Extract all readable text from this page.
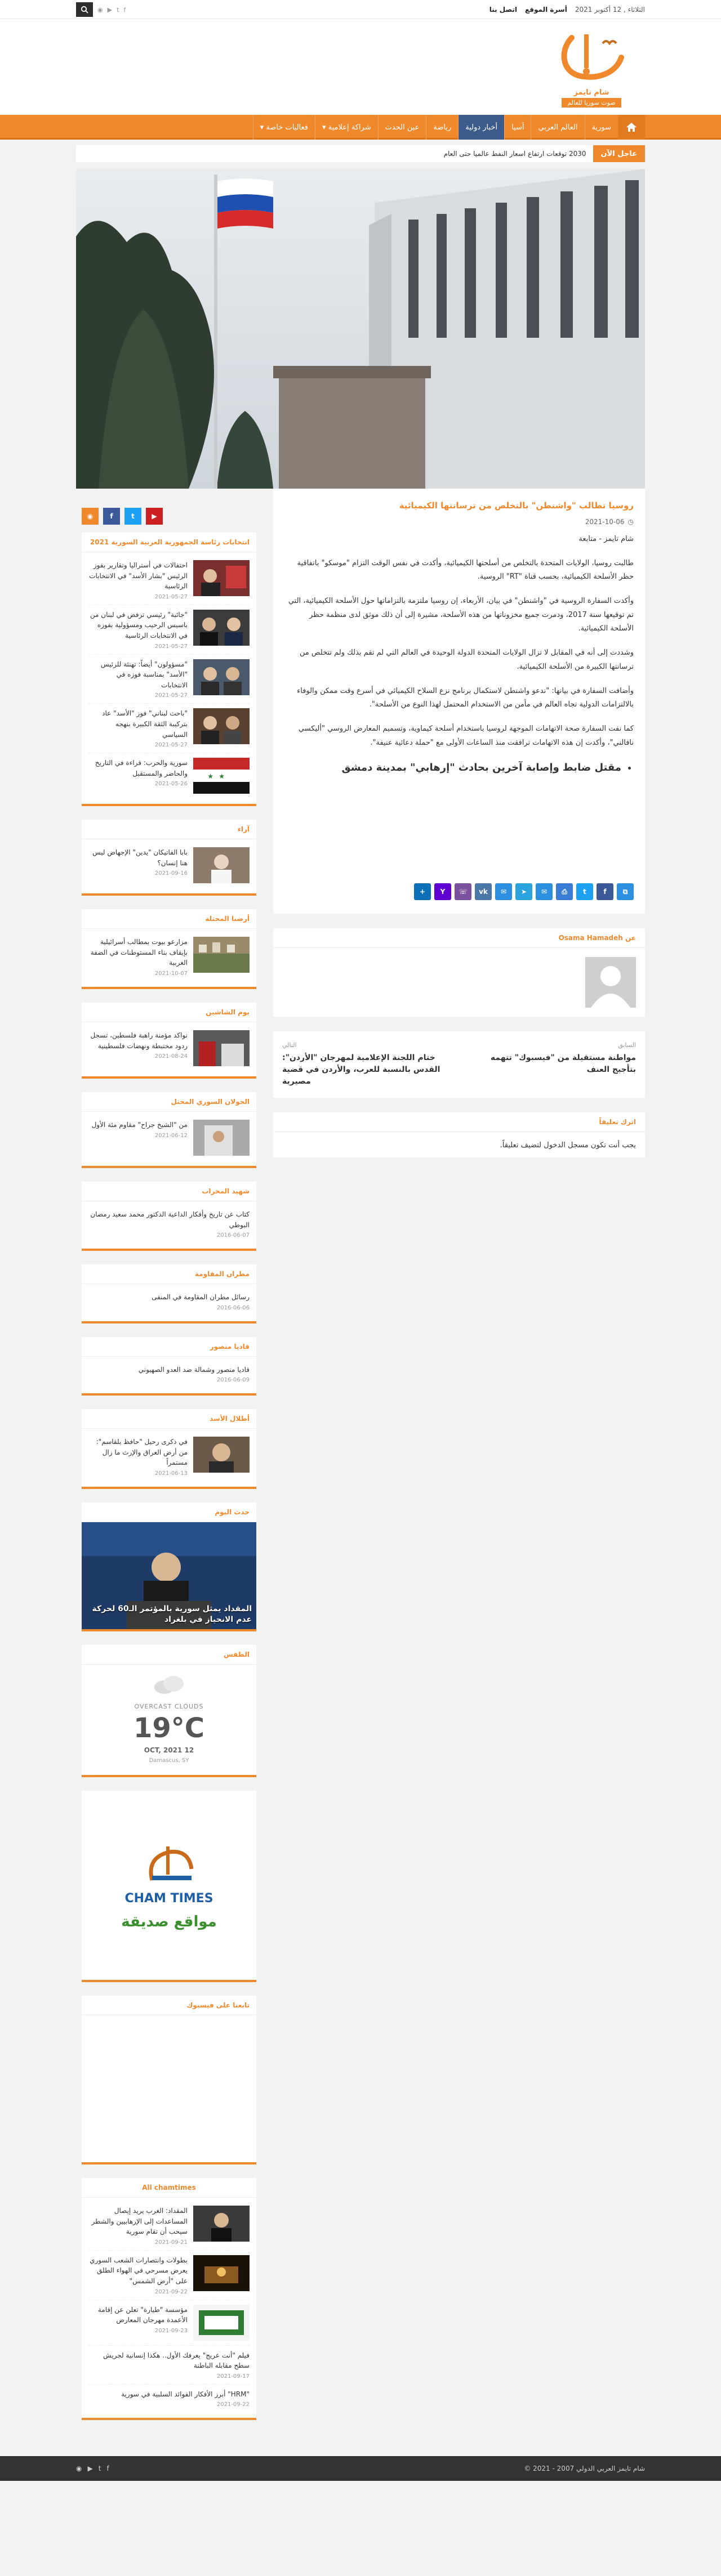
◉ ▶ t f	الثلاثاء , 12 أكتوبر 2021
أسرة الموقع
اتصل بنا
شام تايمز
صوت سوريا للعالم
سورية
العالم العربي
أسيا
أخبار دولية
رياضة
عين الحدث
شراكة إعلامية ▾
فعاليات خاصة ▾
عاجل الآن
2030 توقعات ارتفاع اسعار النفط عالميا حتى العام
روسيا تطالب "واشنطن" بالتخلص من ترسانتها الكيميائية
◷
2021-10-06

شام تايمز - متابعة

طالبت روسيا، الولايات المتحدة بالتخلص من أسلحتها الكيميائية، وأكدت في نفس الوقت التزام "موسكو" باتفاقية حظر الأسلحة الكيميائية، بحسب قناة "RT" الروسية.

وأكدت السفارة الروسية في "واشنطن" في بيان، الأربعاء، إن روسيا ملتزمة بالتزاماتها حول الأسلحة الكيميائية، التي تم توقيعها سنة 2017، ودمرت جميع مخزوناتها من هذه الأسلحة، مشيرة إلى أن ذلك موثق لدى منظمة حظر الأسلحة الكيميائية.

وشددت إلى أنه في المقابل لا تزال الولايات المتحدة الدولة الوحيدة في العالم التي لم تقم بذلك ولم تتخلص من ترسانتها الكبيرة من الأسلحة الكيميائية.

وأضافت السفارة في بيانها: "ندعو واشنطن لاستكمال برنامج نزع السلاح الكيميائي في أسرع وقت ممكن والوفاء بالالتزامات الدولية تجاه العالم في مأمن من الاستخدام المحتمل لهذا النوع من الأسلحة".

كما نفت السفارة صحة الاتهامات الموجهة لروسيا باستخدام أسلحة كيماوية، وتسميم المعارض الروسي "أليكسي نافالني"، وأكدت إن هذه الاتهامات ترافقت منذ الساعات الأولى مع "حملة دعائية عنيفة".

• مقتل ضابط وإصابة آخرين بحادث "إرهابي" بمدينة دمشق
⧉
f
t
⎙
✉
➤
✉
vk
☏
Y
+
عن Osama Hamadeh
السابق
مواطنة مستقيلة من "فيسبوك" تتهمه بتأجيج العنف
التالي
ختام اللجنة الإعلامية لمهرجان "الأردن": القدس بالنسبة للعرب، والأردن في قضية مصيرية
اترك تعليقاً
يجب أنت تكون مسجل الدخول لتضيف تعليقاً.
▶
t
f
◉
انتخابات رئاسة الجمهورية العربية السورية 2021
احتفالات في أستراليا وتقارير بفوز الرئيس "بشار الأسد" في الانتخابات الرئاسية
2021-05-27
"جائبة" رئيسي ترفض في لبنان من باسيس الرحيب ومسؤولية بفوزه في الانتخابات الرئاسية
2021-05-27
"مسؤولون" أيضاً: تهنئة للرئيس "الأسد" بمناسبة فوزه في الانتخابات
2021-05-27
"باحث لبناني" فوز "الأسد" عاد بتركيبة الثقة الكبيرة بنهجه السياسي
2021-05-27
★ ★
سورية والحرب: قراءة في التاريخ والحاضر والمستقبل
2021-05-26
آراء
بابا الفاتيكان "يدين" الإجهاض ليس هنا إنسان؟
2021-09-16
أرضنا المحتلة
مزارعو بيوت بمطالب أسرائيلية بإيقاف بناء المستوطنات في الضفة الغربية
2021-10-07
يوم الشاشين
نواكد مؤمنة راهبة فلسطين، تسجل ردود مختبطة ونهضات فلسطينية
2021-08-24
الجولان السوري المحتل
من "الشيخ جراح" مقاوم مئة الأول
2021-06-12
شهيد المحراب
كتاب عن تاريخ وأفكار الداعية الدكتور محمد سعيد رمضان البوطي
2016-06-07
مطران المقاومة
رسائل مطران المقاومة في المنفى
2016-06-06
قاديا منصور
قاديا منصور وشمالة ضد العدو الصهيوني
2016-06-09
أطلال الأسد
في ذكرى رحيل "حافظ بلقاسم": من أرض العراق والإرث ما زال مستمراً
2021-06-13
حدث اليوم
المقداد يمثل سورية بالمؤتمر الـ60 لحركة عدم الانحياز في بلغراد
الطقس
OVERCAST CLOUDS
19°C
OCT, 2021 12
Damascus, SY
CHAM TIMES
مواقع صديقة
تابعنا على فيسبوك
All chamtimes
المقداد: الغرب يريد إيصال المساعدات إلى الإرهابيين والشطر سيحب أن تقام سورية
2021-09-21
بطولات وانتصارات الشعب السوري يعرض مسرحي في الهواء الطلق على "أرض الشمس"
2021-09-22
مؤسسة "طيارة" تعلن عن إقامة الأعمدة مهرجان المعارض
2021-09-23
فيلم "أنت عريج" يعرفك الأول.. هكذا إنسانية لجريش سطح مقابله الباطنة
2021-09-17
"HRM" أبرز الأفكار الفوائد السلبية في سورية
2021-09-22
◉ ▶ t f	شام تايمز العربي الدولي 2007 - 2021 ©
